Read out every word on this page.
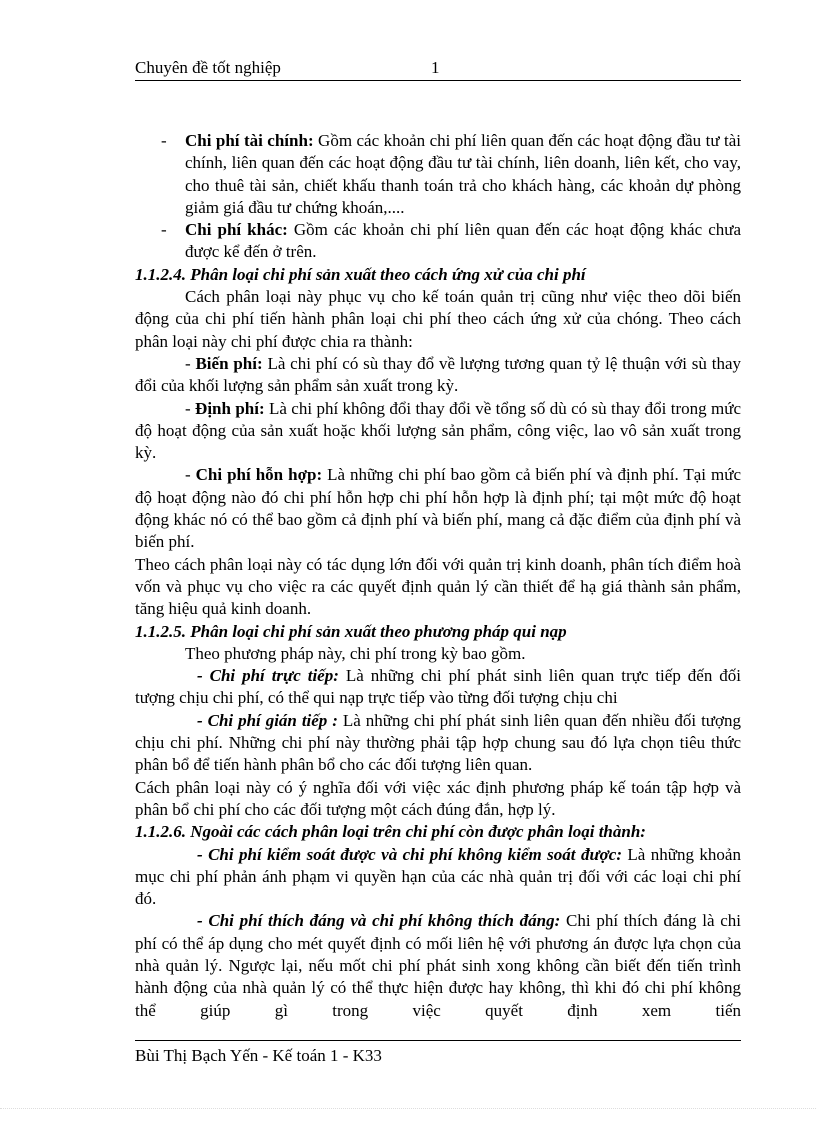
Chuyên đề tốt nghiệp	1

- Chi phí tài chính: Gồm các khoản chi phí liên quan đến các hoạt động đầu tư tài chính, liên quan đến các hoạt động đầu tư tài chính, liên doanh, liên kết, cho vay, cho thuê tài sản, chiết khấu thanh toán trả cho khách hàng, các khoản dự phòng giảm giá đầu tư chứng khoán,....

- Chi phí khác: Gồm các khoản chi phí liên quan đến các hoạt động khác chưa được kể đến ở trên.

1.1.2.4. Phân loại chi phí sản xuất theo cách ứng xử của chi phí

Cách phân loại này phục vụ cho kế toán quản trị cũng như việc theo dõi biến động của chi phí tiến hành phân loại chi phí theo cách ứng xử của chóng. Theo cách phân loại này chi phí được chia ra thành:

- Biến phí: Là chi phí có sù thay đổ về lượng tương quan tỷ lệ thuận với sù thay đổi của khối lượng sản phẩm sản xuất trong kỳ.

- Định phí: Là chi phí không đổi thay đổi về tổng số dù có sù thay đổi trong mức độ hoạt động của sản xuất hoặc khối lượng sản phẩm, công việc, lao vô sản xuất trong kỳ.

- Chi phí hỗn hợp: Là những chi phí bao gồm cả biến phí và định phí. Tại mức độ hoạt động nào đó chi phí hỗn hợp chi phí hỗn hợp là định phí; tại một mức độ hoạt động khác nó có thể bao gồm cả định phí và biến phí, mang cả đặc điểm của định phí và biến phí.

Theo cách phân loại này có tác dụng lớn đối với quản trị kinh doanh, phân tích điểm hoà vốn và phục vụ cho việc ra các quyết định quản lý cần thiết để hạ giá thành sản phẩm, tăng hiệu quả kinh doanh.

1.1.2.5. Phân loại chi phí sản xuất theo phương pháp qui nạp

Theo phương pháp này, chi phí trong kỳ bao gồm.

- Chi phí trực tiếp: Là những chi phí phát sinh liên quan trực tiếp đến đối tượng chịu chi phí, có thể qui nạp trực tiếp vào từng đối tượng chịu chi

- Chi phí gián tiếp : Là những chi phí phát sinh liên quan đến nhiều đối tượng chịu chi phí. Những chi phí này thường phải tập hợp chung sau đó lựa chọn tiêu thức phân bổ để tiến hành phân bổ cho các đối tượng liên quan.

Cách phân loại này có ý nghĩa đối với việc xác định phương pháp kế toán tập hợp và phân bổ chi phí cho các đối tượng một cách đúng đắn, hợp lý.

1.1.2.6. Ngoài các cách phân loại trên chi phí còn được phân loại thành:

- Chi phí kiểm soát được và chi phí không kiểm soát được: Là những khoản mục chi phí phản ánh phạm vi quyền hạn của các nhà quản trị đối với các loại chi phí đó.

- Chi phí thích đáng và chi phí không thích đáng: Chi phí thích đáng là chi phí có thể áp dụng cho mét quyết định có mối liên hệ với phương án được lựa chọn của nhà quản lý. Ngược lại, nếu mốt chi phí phát sinh xong không cần biết đến tiến trình hành động của nhà quản lý có thể thực hiện được hay không, thì khi đó chi phí không thể giúp gì trong việc quyết định xem tiến

Bùi Thị Bạch Yến - Kế toán 1 - K33
